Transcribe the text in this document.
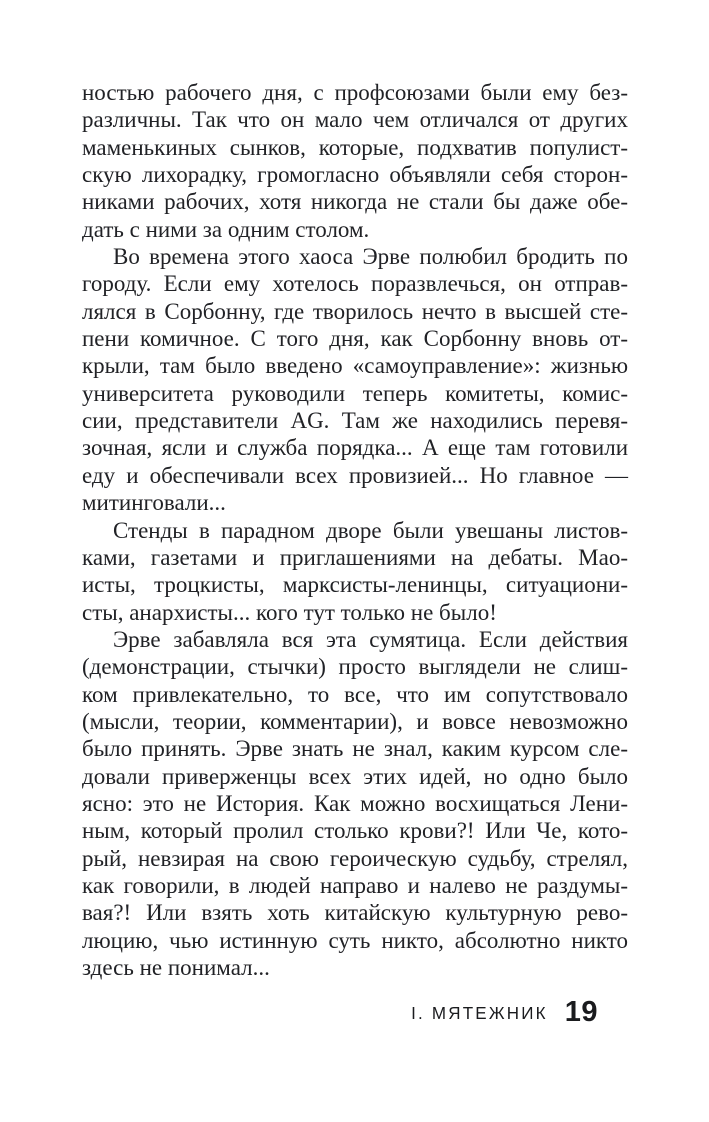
ностью рабочего дня, с профсоюзами были ему без-
различны. Так что он мало чем отличался от других
маменькиных сынков, которые, подхватив популист-
скую лихорадку, громогласно объявляли себя сторон-
никами рабочих, хотя никогда не стали бы даже обе-
дать с ними за одним столом.
Во времена этого хаоса Эрве полюбил бродить по
городу. Если ему хотелось поразвлечься, он отправ-
лялся в Сорбонну, где творилось нечто в высшей сте-
пени комичное. С того дня, как Сорбонну вновь от-
крыли, там было введено «самоуправление»: жизнью
университета руководили теперь комитеты, комис-
сии, представители AG. Там же находились перевя-
зочная, ясли и служба порядка... А еще там готовили
еду и обеспечивали всех провизией... Но главное —
митинговали...
Стенды в парадном дворе были увешаны листов-
ками, газетами и приглашениями на дебаты. Мао-
исты, троцкисты, марксисты-ленинцы, ситуациони-
сты, анархисты... кого тут только не было!
Эрве забавляла вся эта сумятица. Если действия
(демонстрации, стычки) просто выглядели не слиш-
ком привлекательно, то все, что им сопутствовало
(мысли, теории, комментарии), и вовсе невозможно
было принять. Эрве знать не знал, каким курсом сле-
довали приверженцы всех этих идей, но одно было
ясно: это не История. Как можно восхищаться Лени-
ным, который пролил столько крови?! Или Че, кото-
рый, невзирая на свою героическую судьбу, стрелял,
как говорили, в людей направо и налево не раздумы-
вая?! Или взять хоть китайскую культурную рево-
люцию, чью истинную суть никто, абсолютно никто
здесь не понимал...
I. МЯТЕЖНИК 19
